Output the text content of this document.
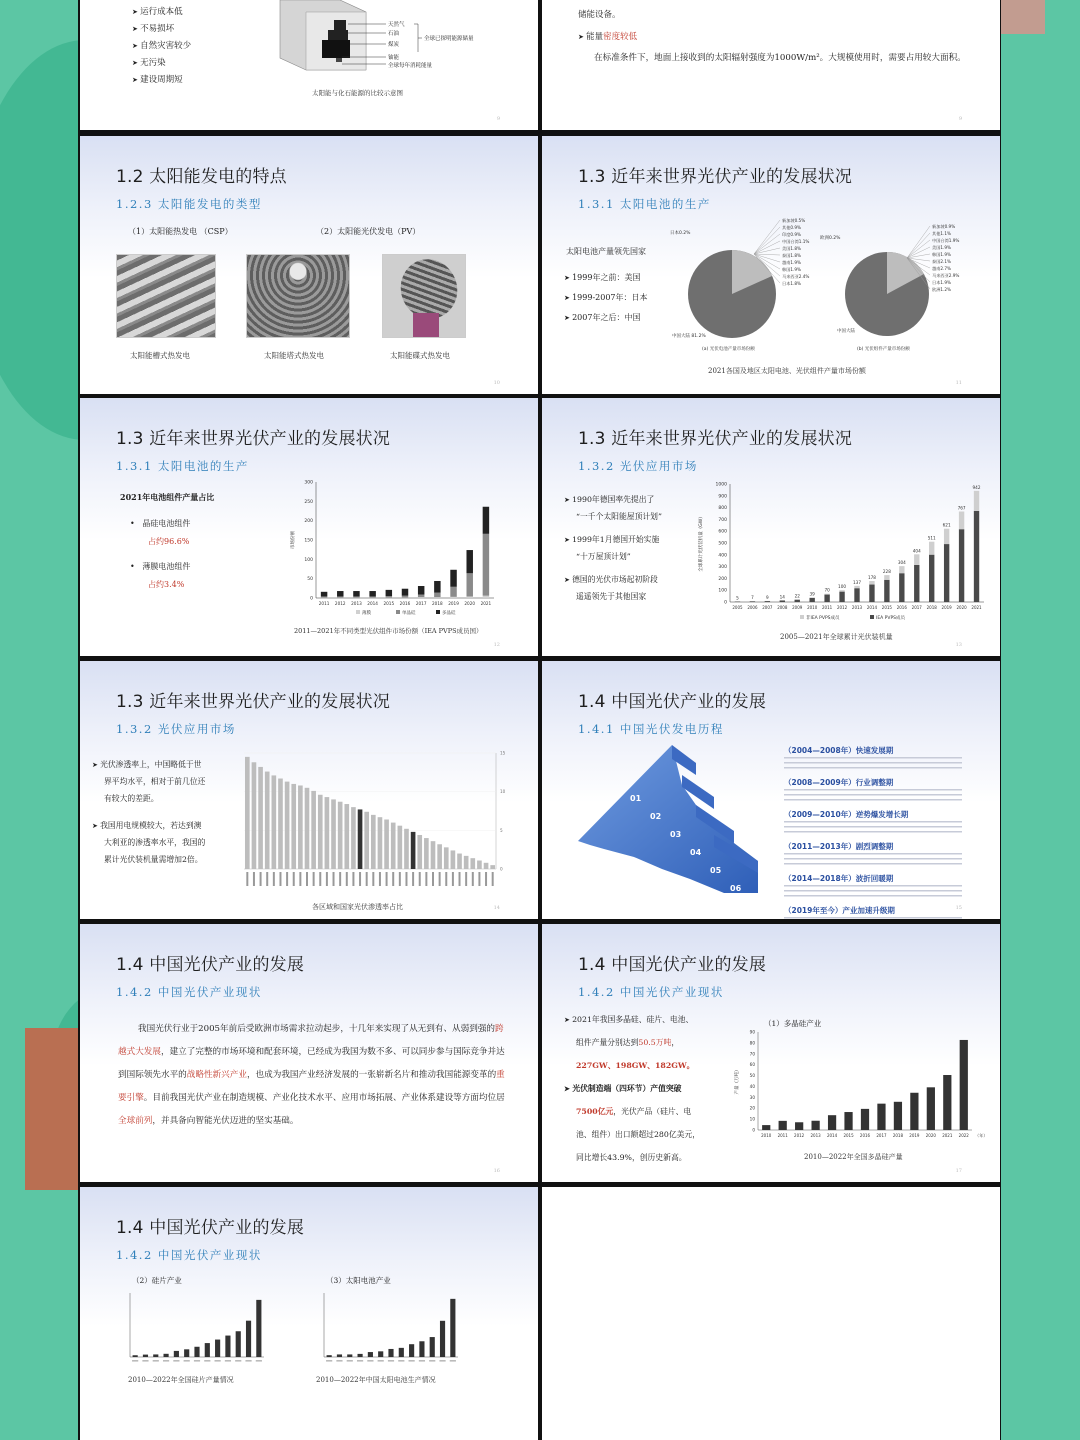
➤ 运行成本低
➤ 不易损坏
➤ 自然灾害较少
➤ 无污染
➤ 建设周期短
天然气
石油
煤炭
铀能
全球已探明能源储量
全球每年消耗能量
太阳能与化石能源的比较示意图
9
储能设备。
➤ 能量密度较低
在标准条件下，地面上接收到的太阳辐射强度为1000W/m²。大规模使用时，需要占用较大面积。
9
1.2 太阳能发电的特点
1.2.3 太阳能发电的类型
（1）太阳能热发电 （CSP）	（2）太阳能光伏发电（PV）
太阳能槽式热发电	太阳能塔式热发电	太阳能碟式热发电
10
1.3 近年来世界光伏产业的发展状况
1.3.1 太阳电池的生产
太阳电池产量领先国家
➤ 1999年之前：美国
➤ 1999-2007年：日本
➤ 2007年之后：中国
新加坡0.5%
其他0.9%
印度0.9%
中国台湾1.1%
美国1.8%
泰国1.8%
越南1.9%
韩国1.9%
马来西亚2.4%
日本1.8%
新加坡0.9%
其他1.1%
中国台湾1.9%
美国1.9%
韩国1.9%
泰国2.1%
越南2.7%
马来西亚2.9%
日本1.9%
欧洲1.2%
日本0.2%
欧洲0.2%
中国大陆 81.2%
中国大陆
(a) 光伏电池产量市场份额	(b) 光伏组件产量市场份额
2021各国及地区太阳电池、光伏组件产量市场份额
11
1.3 近年来世界光伏产业的发展状况
1.3.1 太阳电池的生产
2021年电池组件产量占比
•   晶硅电池组件
占约96.6%
•   薄膜电池组件
占约3.4%
0
50
100
150
200
250
300
市场份额
2011 2012 2013 2014 2015 2016 2017 2018 2019 2020 2021
薄膜	单晶硅	多晶硅
2011—2021年不同类型光伏组件市场份额（IEA PVPS成员国）
12
1.3 近年来世界光伏产业的发展状况
1.3.2 光伏应用市场
➤ 1990年德国率先提出了
“一千个太阳能屋顶计划”
➤ 1999年1月德国开始实施
“十万屋顶计划”
➤ 德国的光伏市场起初阶段
遥遥领先于其他国家
0
100
200
300
400
500
600
700
800
900
1000
全球累计光伏装机量（GW）
5
2005
7
2006
9
2007
14
2008
22
2009
39
2010
70
2011
100
2012
137
2013
178
2014
228
2015
304
2016
404
2017
511
2018
621
2019
767
2020
942
2021
非IEA PVPS成员	IEA PVPS成员
2005—2021年全球累计光伏装机量
13
1.3 近年来世界光伏产业的发展状况
1.3.2 光伏应用市场
➤ 光伏渗透率上，中国略低于世
界平均水平，相对于前几位还
有较大的差距。
➤ 我国用电规模较大，若达到澳
大利亚的渗透率水平，我国的
累计光伏装机量需增加2倍。
0
5
10
15
各区域和国家光伏渗透率占比	14
1.4 中国光伏产业的发展
1.4.1 中国光伏发电历程
01
02
03
04
05
06
（2004—2008年）快速发展期
（2008—2009年）行业调整期
（2009—2010年）逆势爆发增长期
（2011—2013年）剧烈调整期
（2014—2018年）波折回暖期
（2019年至今）产业加速升级期	15
1.4 中国光伏产业的发展
1.4.2 中国光伏产业现状
我国光伏行业于2005年前后受欧洲市场需求拉动起步，十几年来实现了从无到有、从弱到强的跨越式大发展，建立了完整的市场环境和配套环境，已经成为我国为数不多、可以同步参与国际竞争并达到国际领先水平的战略性新兴产业，也成为我国产业经济发展的一张崭新名片和推动我国能源变革的重要引擎。目前我国光伏产业在制造规模、产业化技术水平、应用市场拓展、产业体系建设等方面均位居全球前列，并具备向智能光伏迈进的坚实基础。
16
1.4 中国光伏产业的发展
1.4.2 中国光伏产业现状
➤ 2021年我国多晶硅、硅片、电池、
组件产量分别达到50.5万吨，
227GW、198GW、182GW。
➤ 光伏制造端（四环节）产值突破
7500亿元，光伏产品（硅片、电
池、组件）出口额超过280亿美元，
同比增长43.9%，创历史新高。
（1）多晶硅产业
0
10
20
30
40
50
60
70
80
90
2010 2011 2012 2013 2014 2015 2016 2017 2018 2019 2020 2021 2022
产量（万吨）
（年）
2010—2022年全国多晶硅产量
17
1.4 中国光伏产业的发展
1.4.2 中国光伏产业现状
（2）硅片产业	（3）太阳电池产业
2010—2022年全国硅片产量情况	2010—2022年中国太阳电池生产情况
